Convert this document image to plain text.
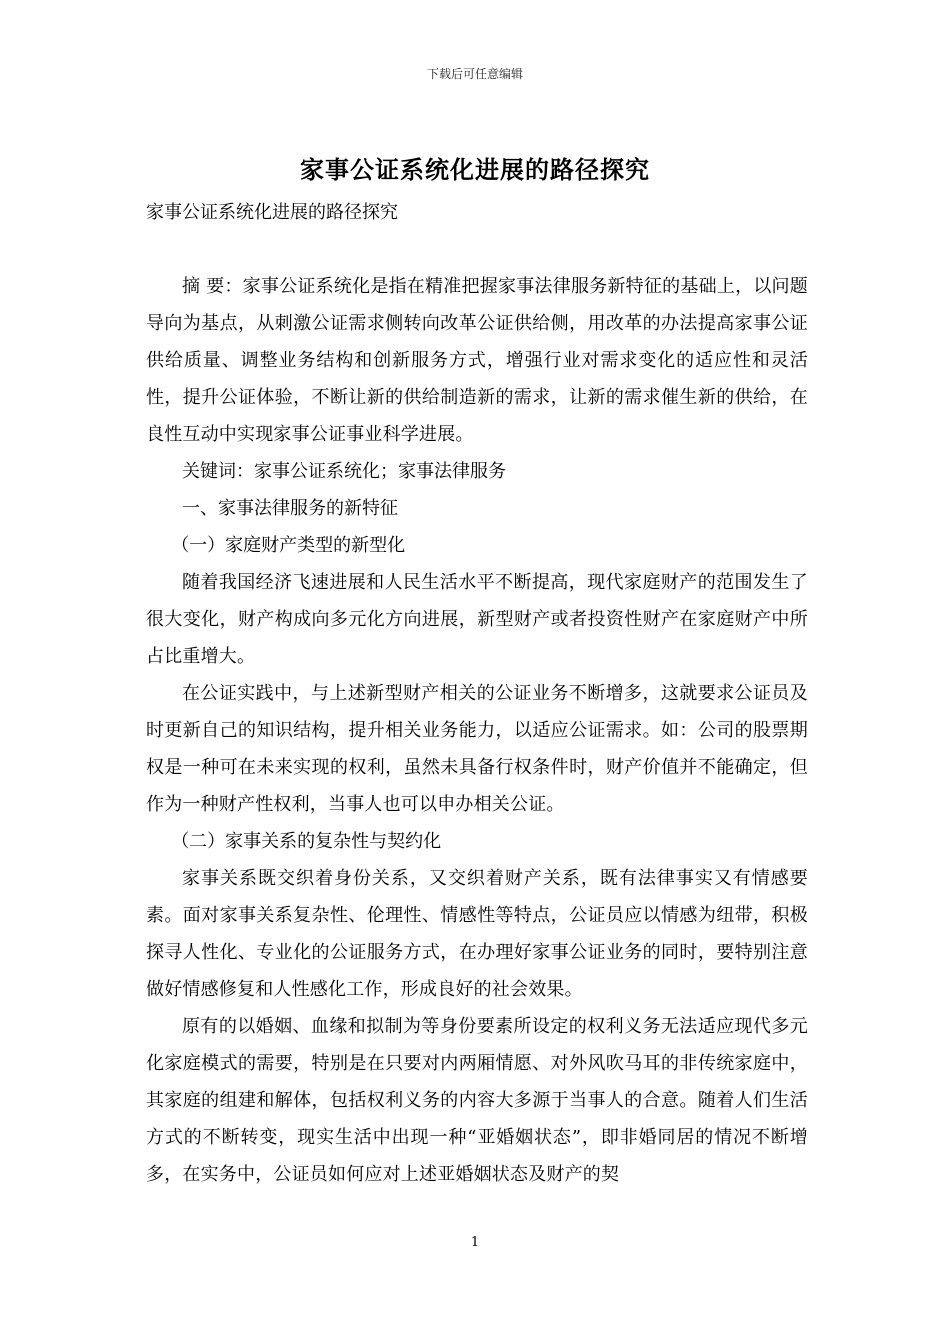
下载后可任意编辑
家事公证系统化进展的路径探究
家事公证系统化进展的路径探究

摘 要：家事公证系统化是指在精准把握家事法律服务新特征的基础上，以问题导向为基点，从刺激公证需求侧转向改革公证供给侧，用改革的办法提高家事公证供给质量、调整业务结构和创新服务方式，增强行业对需求变化的适应性和灵活性，提升公证体验，不断让新的供给制造新的需求，让新的需求催生新的供给，在良性互动中实现家事公证事业科学进展。

关键词：家事公证系统化；家事法律服务

一、家事法律服务的新特征

（一）家庭财产类型的新型化

随着我国经济飞速进展和人民生活水平不断提高，现代家庭财产的范围发生了很大变化，财产构成向多元化方向进展，新型财产或者投资性财产在家庭财产中所占比重增大。

在公证实践中，与上述新型财产相关的公证业务不断增多，这就要求公证员及时更新自己的知识结构，提升相关业务能力，以适应公证需求。如：公司的股票期权是一种可在未来实现的权利，虽然未具备行权条件时，财产价值并不能确定，但作为一种财产性权利，当事人也可以申办相关公证。

（二）家事关系的复杂性与契约化

家事关系既交织着身份关系，又交织着财产关系，既有法律事实又有情感要素。面对家事关系复杂性、伦理性、情感性等特点，公证员应以情感为纽带，积极探寻人性化、专业化的公证服务方式，在办理好家事公证业务的同时，要特别注意做好情感修复和人性感化工作，形成良好的社会效果。

原有的以婚姻、血缘和拟制为等身份要素所设定的权利义务无法适应现代多元化家庭模式的需要，特别是在只要对内两厢情愿、对外风吹马耳的非传统家庭中，其家庭的组建和解体，包括权利义务的内容大多源于当事人的合意。随着人们生活方式的不断转变，现实生活中出现一种“亚婚姻状态”，即非婚同居的情况不断增多，在实务中，公证员如何应对上述亚婚姻状态及财产的契

1
